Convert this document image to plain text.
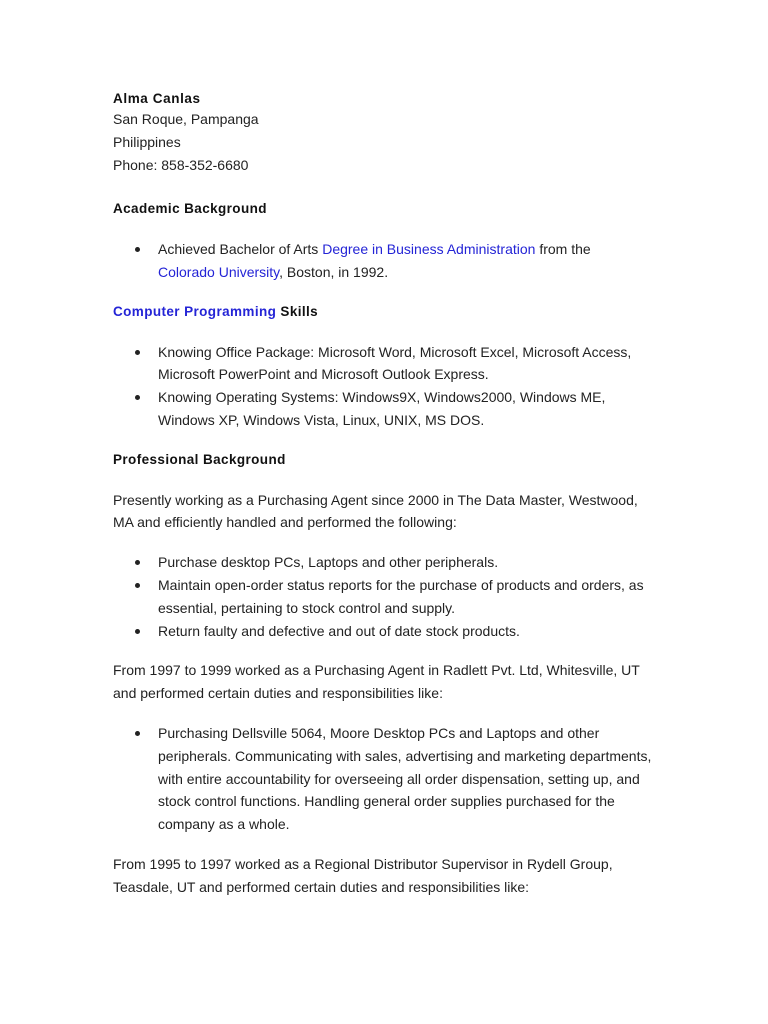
Alma Canlas
San Roque, Pampanga
Philippines
Phone: 858-352-6680
Academic Background
Achieved Bachelor of Arts Degree in Business Administration from the
Colorado University, Boston, in 1992.
Computer Programming Skills
Knowing Office Package: Microsoft Word, Microsoft Excel, Microsoft Access, Microsoft PowerPoint and Microsoft Outlook Express.
Knowing Operating Systems: Windows9X, Windows2000, Windows ME, Windows XP, Windows Vista, Linux, UNIX, MS DOS.
Professional Background

Presently working as a Purchasing Agent since 2000 in The Data Master, Westwood, MA and efficiently handled and performed the following:

Purchase desktop PCs, Laptops and other peripherals.
Maintain open-order status reports for the purchase of products and orders, as essential, pertaining to stock control and supply.
Return faulty and defective and out of date stock products.

From 1997 to 1999 worked as a Purchasing Agent in Radlett Pvt. Ltd, Whitesville, UT and performed certain duties and responsibilities like:

Purchasing Dellsville 5064, Moore Desktop PCs and Laptops and other peripherals. Communicating with sales, advertising and marketing departments, with entire accountability for overseeing all order dispensation, setting up, and stock control functions. Handling general order supplies purchased for the company as a whole.

From 1995 to 1997 worked as a Regional Distributor Supervisor in Rydell Group, Teasdale, UT and performed certain duties and responsibilities like:
